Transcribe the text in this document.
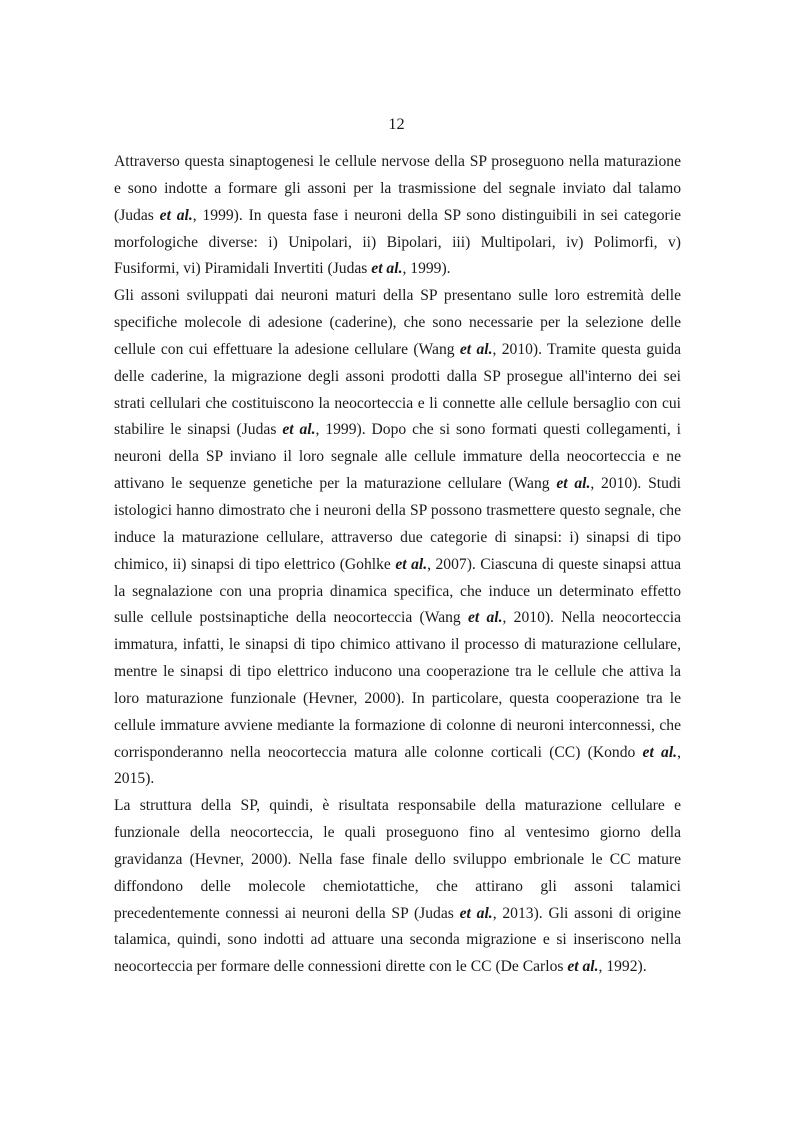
12

Attraverso questa sinaptogenesi le cellule nervose della SP proseguono nella maturazione e sono indotte a formare gli assoni per la trasmissione del segnale inviato dal talamo (Judas et al., 1999). In questa fase i neuroni della SP sono distinguibili in sei categorie morfologiche diverse: i) Unipolari, ii) Bipolari, iii) Multipolari, iv) Polimorfi, v) Fusiformi, vi) Piramidali Invertiti (Judas et al., 1999).

Gli assoni sviluppati dai neuroni maturi della SP presentano sulle loro estremità delle specifiche molecole di adesione (caderine), che sono necessarie per la selezione delle cellule con cui effettuare la adesione cellulare (Wang et al., 2010). Tramite questa guida delle caderine, la migrazione degli assoni prodotti dalla SP prosegue all'interno dei sei strati cellulari che costituiscono la neocorteccia e li connette alle cellule bersaglio con cui stabilire le sinapsi (Judas et al., 1999). Dopo che si sono formati questi collegamenti, i neuroni della SP inviano il loro segnale alle cellule immature della neocorteccia e ne attivano le sequenze genetiche per la maturazione cellulare (Wang et al., 2010). Studi istologici hanno dimostrato che i neuroni della SP possono trasmettere questo segnale, che induce la maturazione cellulare, attraverso due categorie di sinapsi: i) sinapsi di tipo chimico, ii) sinapsi di tipo elettrico (Gohlke et al., 2007). Ciascuna di queste sinapsi attua la segnalazione con una propria dinamica specifica, che induce un determinato effetto sulle cellule postsinaptiche della neocorteccia (Wang et al., 2010). Nella neocorteccia immatura, infatti, le sinapsi di tipo chimico attivano il processo di maturazione cellulare, mentre le sinapsi di tipo elettrico inducono una cooperazione tra le cellule che attiva la loro maturazione funzionale (Hevner, 2000). In particolare, questa cooperazione tra le cellule immature avviene mediante la formazione di colonne di neuroni interconnessi, che corrisponderanno nella neocorteccia matura alle colonne corticali (CC) (Kondo et al., 2015).

La struttura della SP, quindi, è risultata responsabile della maturazione cellulare e funzionale della neocorteccia, le quali proseguono fino al ventesimo giorno della gravidanza (Hevner, 2000). Nella fase finale dello sviluppo embrionale le CC mature diffondono delle molecole chemiotattiche, che attirano gli assoni talamici precedentemente connessi ai neuroni della SP (Judas et al., 2013). Gli assoni di origine talamica, quindi, sono indotti ad attuare una seconda migrazione e si inseriscono nella neocorteccia per formare delle connessioni dirette con le CC (De Carlos et al., 1992).
